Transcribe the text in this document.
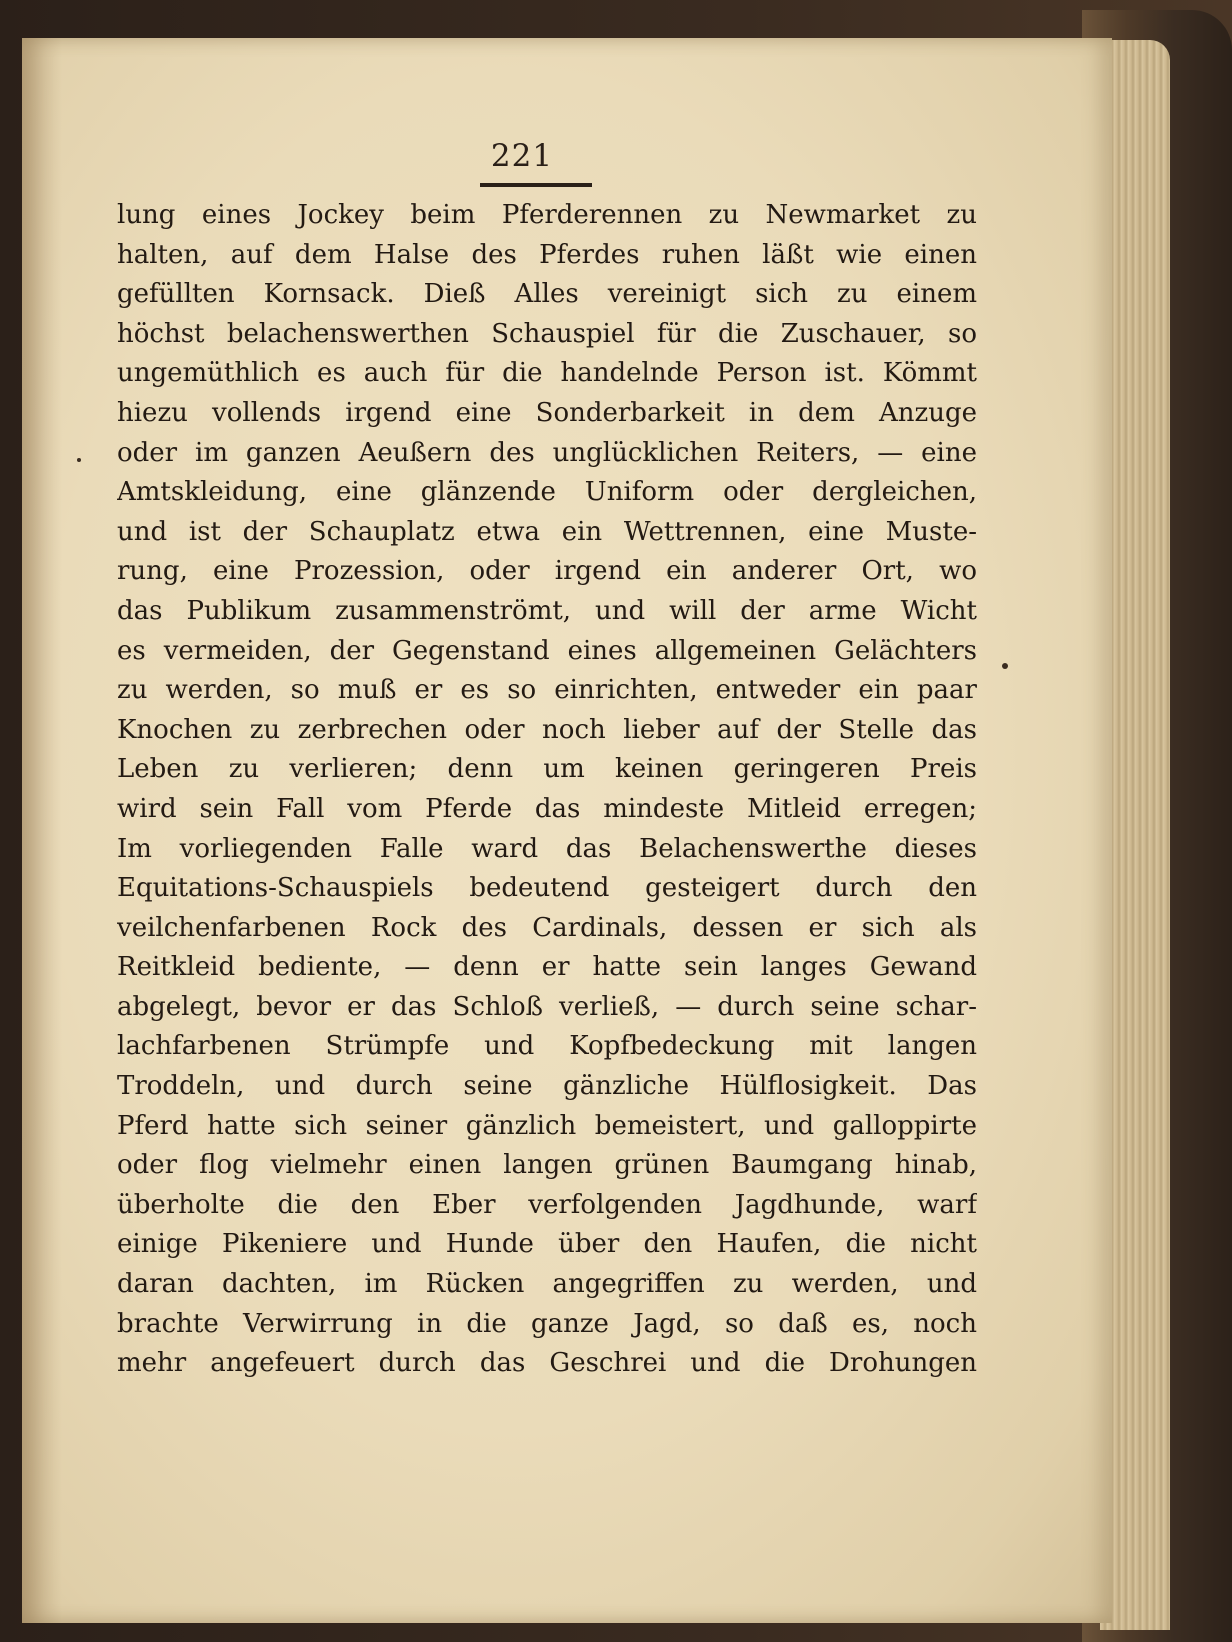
221
lung eines Jockey beim Pferderennen zu Newmarket zu
halten, auf dem Halse des Pferdes ruhen läßt wie einen
gefüllten Kornsack. Dieß Alles vereinigt sich zu einem
höchst belachenswerthen Schauspiel für die Zuschauer, so
ungemüthlich es auch für die handelnde Person ist. Kömmt
hiezu vollends irgend eine Sonderbarkeit in dem Anzuge
oder im ganzen Aeußern des unglücklichen Reiters, — eine
Amtskleidung, eine glänzende Uniform oder dergleichen,
und ist der Schauplatz etwa ein Wettrennen, eine Muste-
rung, eine Prozession, oder irgend ein anderer Ort, wo
das Publikum zusammenströmt, und will der arme Wicht
es vermeiden, der Gegenstand eines allgemeinen Gelächters
zu werden, so muß er es so einrichten, entweder ein paar
Knochen zu zerbrechen oder noch lieber auf der Stelle das
Leben zu verlieren; denn um keinen geringeren Preis
wird sein Fall vom Pferde das mindeste Mitleid erregen;
Im vorliegenden Falle ward das Belachenswerthe dieses
Equitations-Schauspiels bedeutend gesteigert durch den
veilchenfarbenen Rock des Cardinals, dessen er sich als
Reitkleid bediente, — denn er hatte sein langes Gewand
abgelegt, bevor er das Schloß verließ, — durch seine schar-
lachfarbenen Strümpfe und Kopfbedeckung mit langen
Troddeln, und durch seine gänzliche Hülflosigkeit. Das
Pferd hatte sich seiner gänzlich bemeistert, und galloppirte
oder flog vielmehr einen langen grünen Baumgang hinab,
überholte die den Eber verfolgenden Jagdhunde, warf
einige Pikeniere und Hunde über den Haufen, die nicht
daran dachten, im Rücken angegriffen zu werden, und
brachte Verwirrung in die ganze Jagd, so daß es, noch
mehr angefeuert durch das Geschrei und die Drohungen
